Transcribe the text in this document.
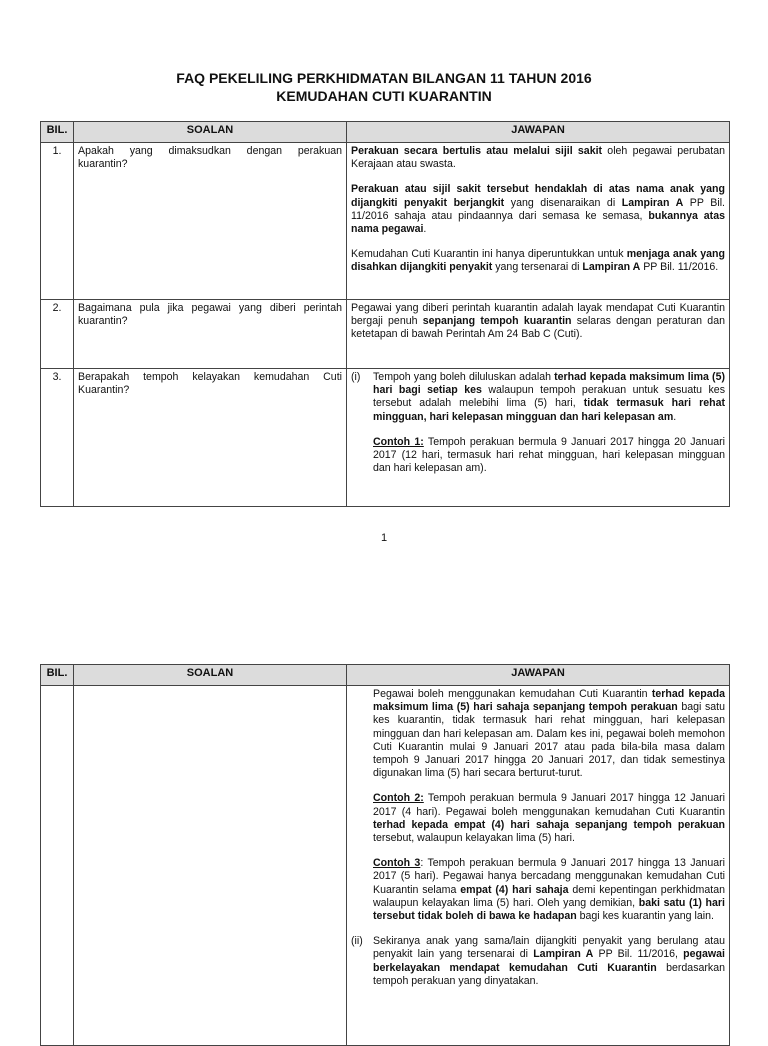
FAQ PEKELILING PERKHIDMATAN BILANGAN 11 TAHUN 2016
KEMUDAHAN CUTI KUARANTIN
BIL.	SOALAN	JAWAPAN
1.	Apakah yang dimaksudkan dengan perakuan kuarantin?	Perakuan secara bertulis atau melalui sijil sakit oleh pegawai perubatan Kerajaan atau swasta.

Perakuan atau sijil sakit tersebut hendaklah di atas nama anak yang dijangkiti penyakit berjangkit yang disenaraikan di Lampiran A PP Bil. 11/2016 sahaja atau pindaannya dari semasa ke semasa, bukannya atas nama pegawai.

Kemudahan Cuti Kuarantin ini hanya diperuntukkan untuk menjaga anak yang disahkan dijangkiti penyakit yang tersenarai di Lampiran A PP Bil. 11/2016.

2.	Bagaimana pula jika pegawai yang diberi perintah kuarantin?	Pegawai yang diberi perintah kuarantin adalah layak mendapat Cuti Kuarantin bergaji penuh sepanjang tempoh kuarantin selaras dengan peraturan dan ketetapan di bawah Perintah Am 24 Bab C (Cuti).

3.	Berapakah tempoh kelayakan kemudahan Cuti Kuarantin?	(i) Tempoh yang boleh diluluskan adalah terhad kepada maksimum lima (5) hari bagi setiap kes walaupun tempoh perakuan untuk sesuatu kes tersebut adalah melebihi lima (5) hari, tidak termasuk hari rehat mingguan, hari kelepasan mingguan dan hari kelepasan am.

Contoh 1: Tempoh perakuan bermula 9 Januari 2017 hingga 20 Januari 2017 (12 hari, termasuk hari rehat mingguan, hari kelepasan mingguan dan hari kelepasan am).

1
BIL.	SOALAN	JAWAPAN

		Pegawai boleh menggunakan kemudahan Cuti Kuarantin terhad kepada maksimum lima (5) hari sahaja sepanjang tempoh perakuan bagi satu kes kuarantin, tidak termasuk hari rehat mingguan, hari kelepasan mingguan dan hari kelepasan am. Dalam kes ini, pegawai boleh memohon Cuti Kuarantin mulai 9 Januari 2017 atau pada bila-bila masa dalam tempoh 9 Januari 2017 hingga 20 Januari 2017, dan tidak semestinya digunakan lima (5) hari secara berturut-turut.

Contoh 2: Tempoh perakuan bermula 9 Januari 2017 hingga 12 Januari 2017 (4 hari). Pegawai boleh menggunakan kemudahan Cuti Kuarantin terhad kepada empat (4) hari sahaja sepanjang tempoh perakuan tersebut, walaupun kelayakan lima (5) hari.

Contoh 3: Tempoh perakuan bermula 9 Januari 2017 hingga 13 Januari 2017 (5 hari). Pegawai hanya bercadang menggunakan kemudahan Cuti Kuarantin selama empat (4) hari sahaja demi kepentingan perkhidmatan walaupun kelayakan lima (5) hari. Oleh yang demikian, baki satu (1) hari tersebut tidak boleh di bawa ke hadapan bagi kes kuarantin yang lain.

(ii) Sekiranya anak yang sama/lain dijangkiti penyakit yang berulang atau penyakit lain yang tersenarai di Lampiran A PP Bil. 11/2016, pegawai berkelayakan mendapat kemudahan Cuti Kuarantin berdasarkan tempoh perakuan yang dinyatakan.
